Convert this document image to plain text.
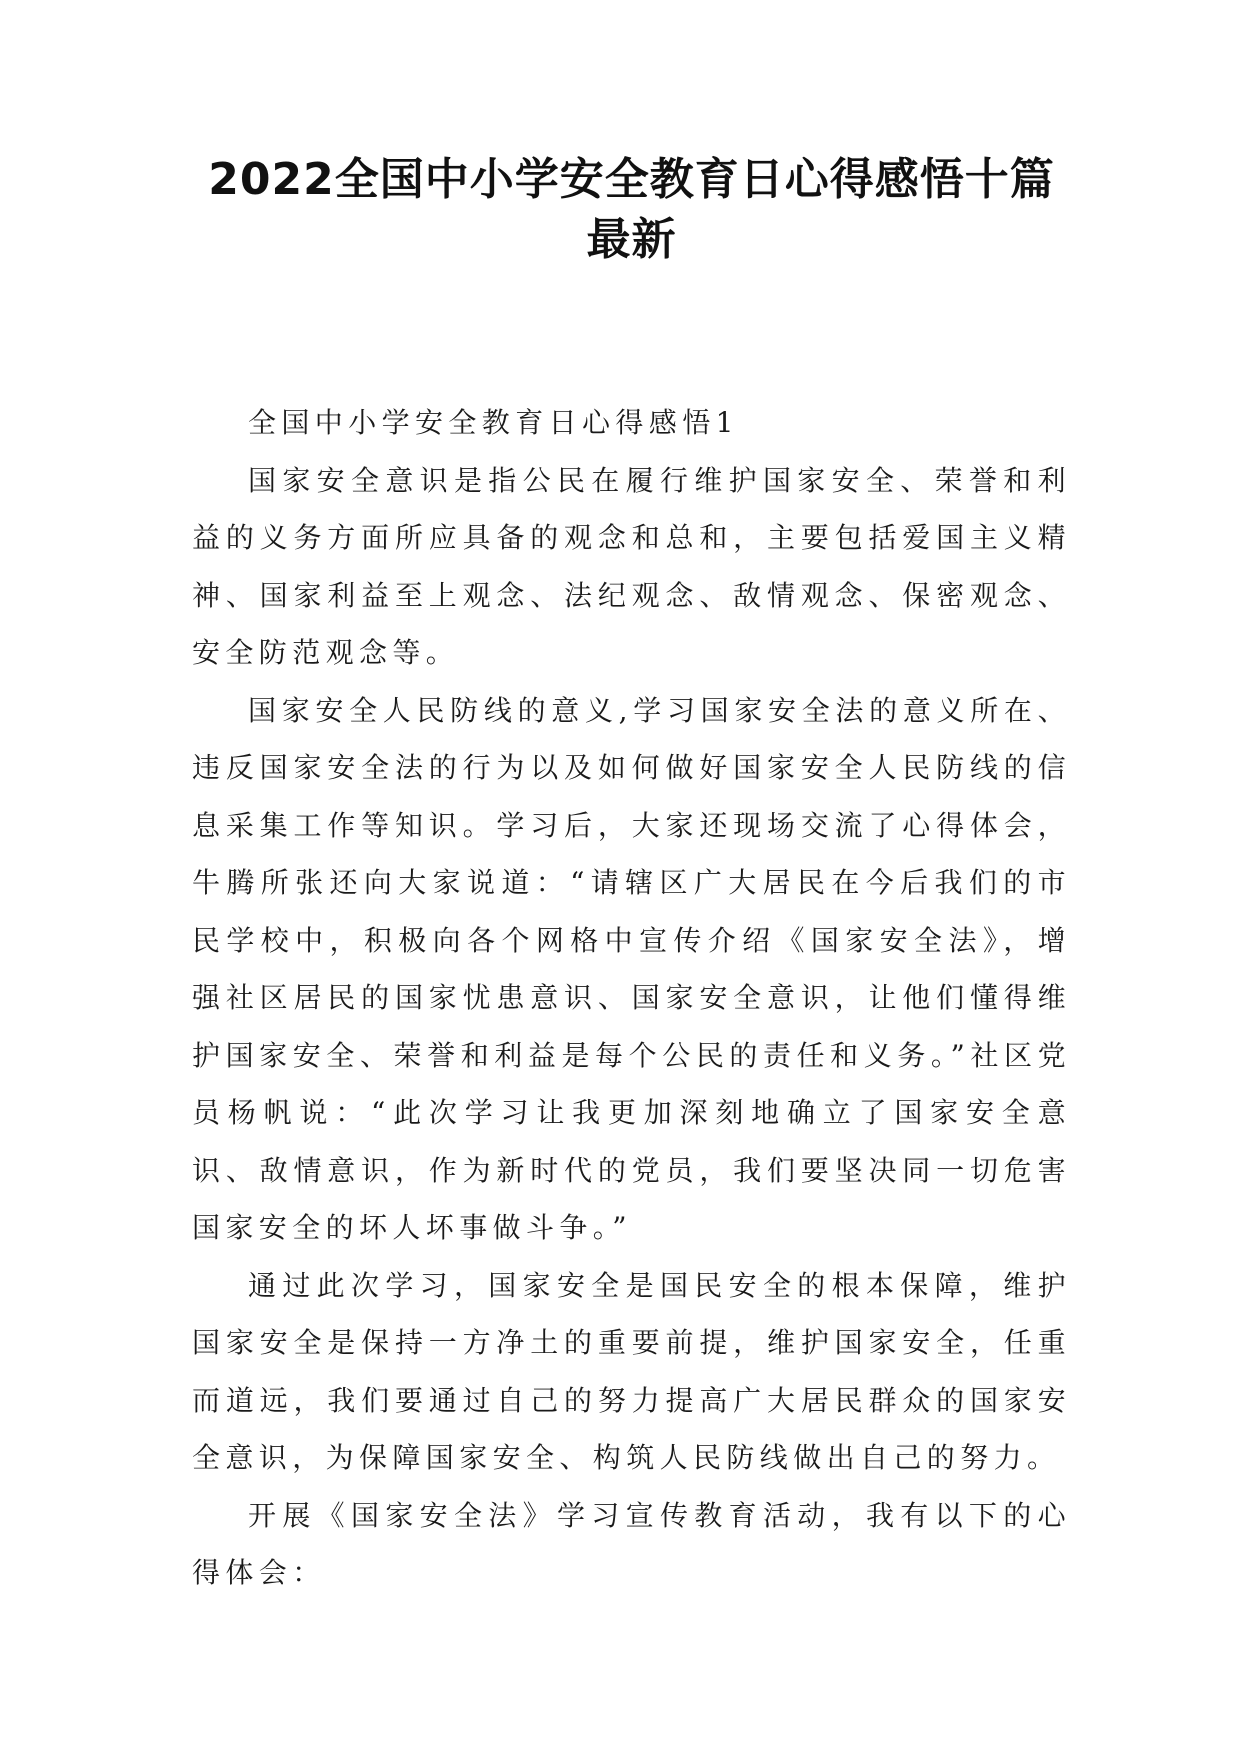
2022全国中小学安全教育日心得感悟十篇
最新

全国中小学安全教育日心得感悟1

国家安全意识是指公民在履行维护国家安全、荣誉和利益的义务方面所应具备的观念和总和，主要包括爱国主义精神、国家利益至上观念、法纪观念、敌情观念、保密观念、安全防范观念等。

国家安全人民防线的意义,学习国家安全法的意义所在、违反国家安全法的行为以及如何做好国家安全人民防线的信息采集工作等知识。学习后，大家还现场交流了心得体会，牛腾所张还向大家说道：“请辖区广大居民在今后我们的市民学校中，积极向各个网格中宣传介绍《国家安全法》，增强社区居民的国家忧患意识、国家安全意识，让他们懂得维护国家安全、荣誉和利益是每个公民的责任和义务。”社区党员杨帆说：“此次学习让我更加深刻地确立了国家安全意识、敌情意识，作为新时代的党员，我们要坚决同一切危害国家安全的坏人坏事做斗争。”

通过此次学习，国家安全是国民安全的根本保障，维护国家安全是保持一方净土的重要前提，维护国家安全，任重而道远，我们要通过自己的努力提高广大居民群众的国家安全意识，为保障国家安全、构筑人民防线做出自己的努力。

开展《国家安全法》学习宣传教育活动，我有以下的心得体会：
